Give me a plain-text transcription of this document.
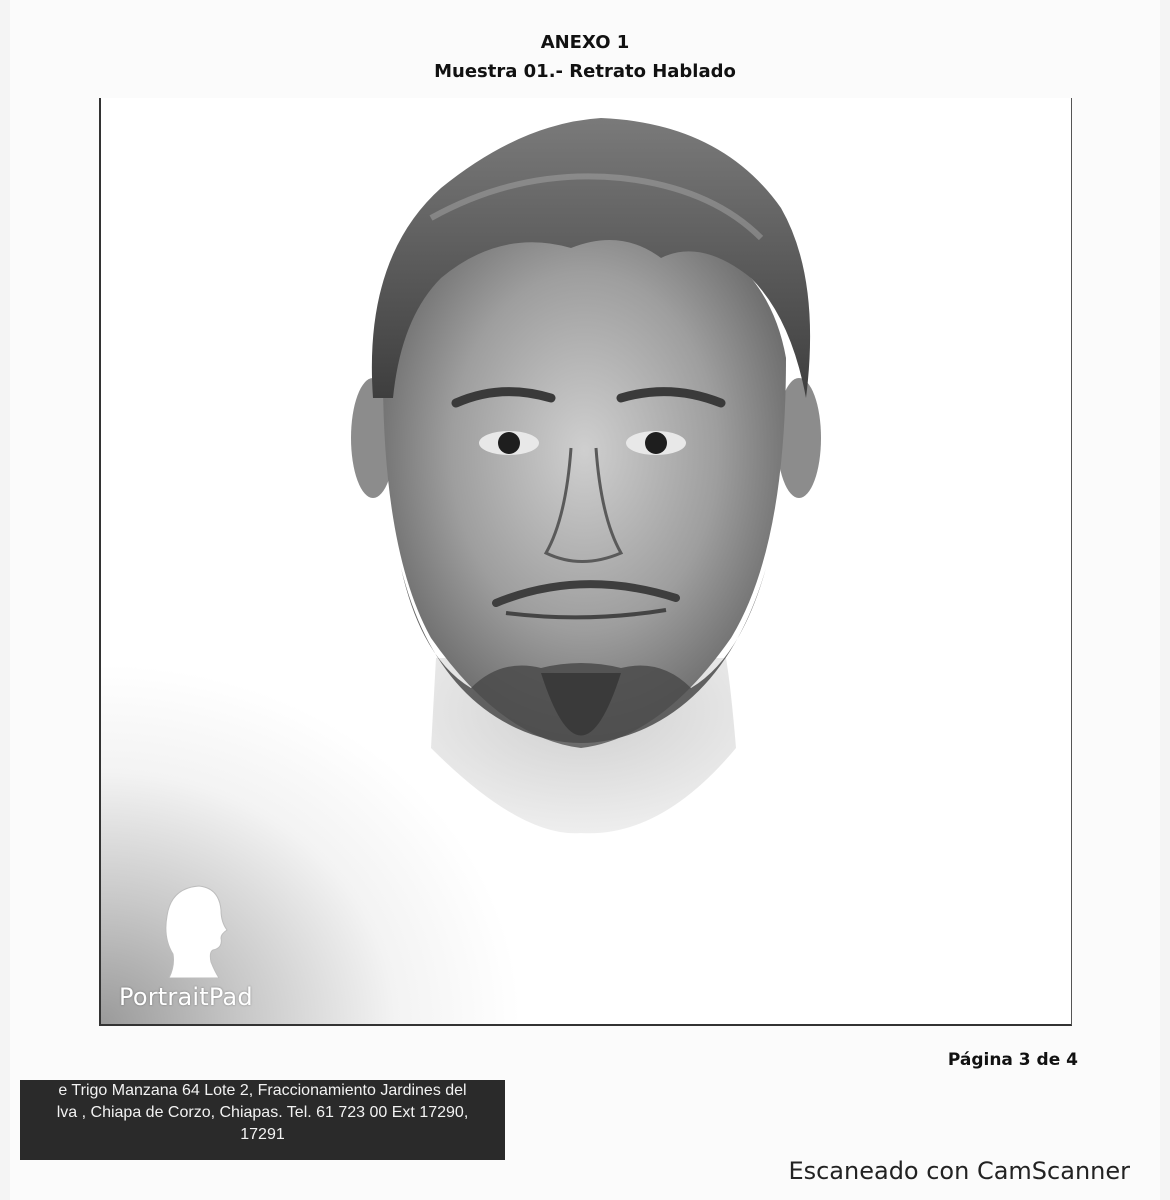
ANEXO 1
Muestra 01.- Retrato Hablado
PortraitPad
Página 3 de 4
e Trigo Manzana 64 Lote 2, Fraccionamiento Jardines del
lva , Chiapa de Corzo, Chiapas. Tel. 61 723 00 Ext 17290,
17291
Escaneado con CamScanner
